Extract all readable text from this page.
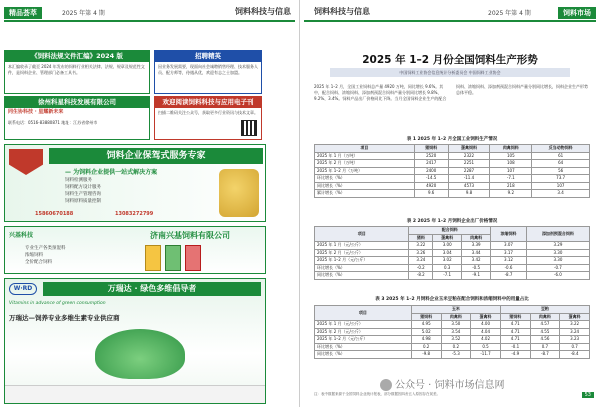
精品荟萃	2025 年第 4 期	饲料科技与信息
《饲料法规文件汇编》2024 版
本汇编收录了截至 2024 年发布的饲料行业相关法律、法规、规章及规范性文件，是饲料企业、管理部门必备工具书。
招聘精英
因业务发展需要，现面向社会诚聘销售经理、技术服务人员、配方师等，待遇从优，欢迎有志之士加盟。
徐州科星科技发展有限公司
同生协科技 · 星耀新未来
联系电话：0516-83880871 地址：江苏省徐州市
欢迎阅读饲料科技与应用电子刊
扫描二维码关注公众号，获取更多行业资讯与技术文章。
饲料企业保驾式服务专家
— 为饲料企业提供一站式解决方案
饲料检测服务
饲料配方设计服务
饲料生产管理咨询
饲料原料质量控制
15860670188	13083272799
兴基科技	济南兴基饲料有限公司
专业生产各类预混料
浓缩饲料
全价配合饲料
W·RD	万瑞达 · 绿色多维倡导者
Vitamins in advance of green consumption
万瑞达—饲养专业多维生素专业供应商
饲料科技与信息	2025 年第 4 期	饲料市场
2025 年 1–2 月份全国饲料生产形势
中国饲料工业协会信息统计分析委员会 中国饲料工业协会
2025 年 1–2 月，全国工业饲料总产量 4920 万吨，同比增长 9.6%。其中，配合饲料、浓缩饲料、添加剂预混合饲料产量分别同比增长 9.8%、9.2%、3.4%。饲料产品出厂价格同比下降。当月全国饲料企业生产的配合饲料、浓缩饲料、添加剂预混合饲料产量分别同比增长，饲料企业生产形势总体平稳。
表 1 2025 年 1–2 月全国工业饲料生产情况
项目	猪饲料	蛋禽饲料	肉禽饲料	反刍动物饲料
2025 年 1 月（万吨）	2520	2322	105	61
2025 年 2 月（万吨）	2417	2251	108	64
2025 年 1–2 月（万吨）	2400	2287	107	56
环比增长（%）	-14.5	-11.4	-7.1	73.7
同比增长（%）	4920	4573	218	107
累计增长（%）	9.6	9.8	9.2	3.4
表 2 2025 年 1–2 月饲料企业出厂价格情况
项目	配合饲料			浓缩饲料	添加剂预混合饲料
	猪料	蛋禽料	肉禽料		
2025 年 1 月（元/公斤）	3.22	3.00	3.39	3.07	3.29
2025 年 2 月（元/公斤）	3.26	3.04	3.44	3.17	3.30
2025 年 1–2 月（元/公斤）	3.24	3.02	3.42	3.12	3.30
环比增长（%）	-0.2	0.3	-0.5	-0.6	-0.7
同比增长（%）	-8.2	-7.1	-9.1	-8.7	-6.0
表 3 2025 年 1–2 月饲料企业玉米豆粕在配合饲料和浓缩饲料中的用量占比
项目	玉米			豆粕		
	猪饲料	肉禽料	蛋禽料	猪饲料	肉禽料	蛋禽料
2025 年 1 月（元/公斤）	4.95	3.50	4.00	4.71	4.57	3.22
2025 年 2 月（元/公斤）	5.02	3.54	4.04	4.71	4.55	3.24
2025 年 1–2 月（元/公斤）	4.98	3.52	4.02	4.71	4.56	3.23
环比增长（%）	0.2	0.2	0.5	-0.1	0.7	0.7
同比增长（%）	-9.8	-5.3	-11.7	-4.9	-8.7	-8.4
注：表中数据来源于全国饲料企业统计报表，部分数据因四舍五入原因存在误差。	53
公众号 · 饲料市场信息网
